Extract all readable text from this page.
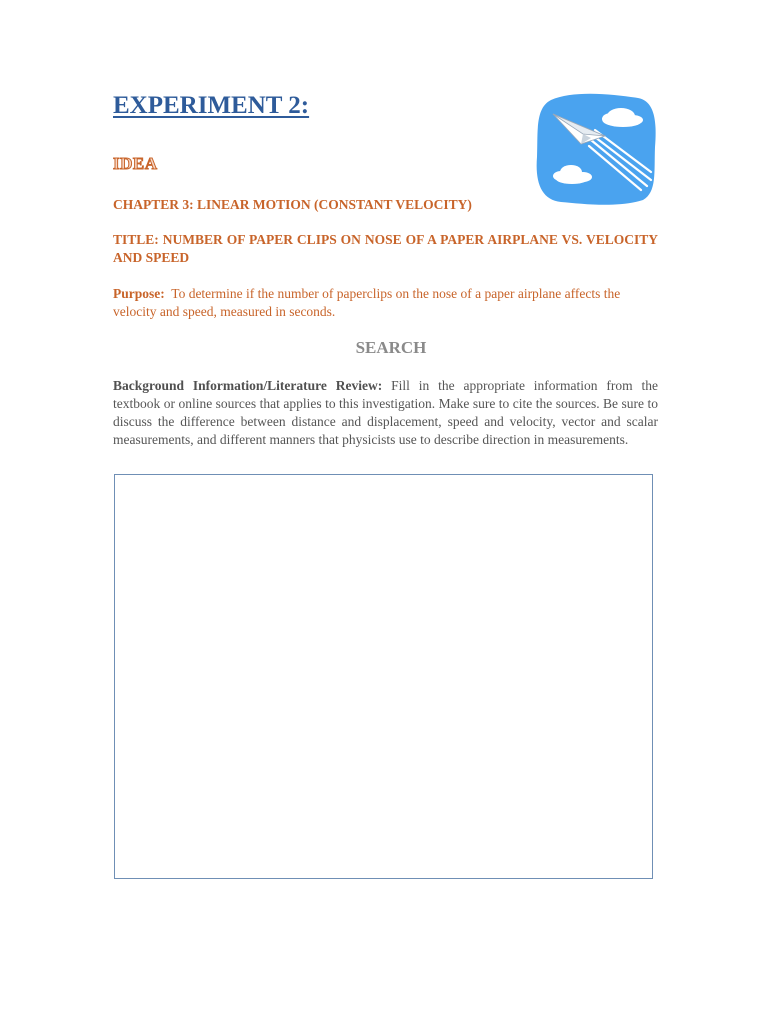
EXPERIMENT 2:
IDEA

CHAPTER 3: LINEAR MOTION (CONSTANT VELOCITY)

TITLE: NUMBER OF PAPER CLIPS ON NOSE OF A PAPER AIRPLANE VS. VELOCITY AND SPEED

Purpose: To determine if the number of paperclips on the nose of a paper airplane affects the velocity and speed, measured in seconds.

SEARCH

Background Information/Literature Review: Fill in the appropriate information from the textbook or online sources that applies to this investigation. Make sure to cite the sources. Be sure to discuss the difference between distance and displacement, speed and velocity, vector and scalar measurements, and different manners that physicists use to describe direction in measurements.
